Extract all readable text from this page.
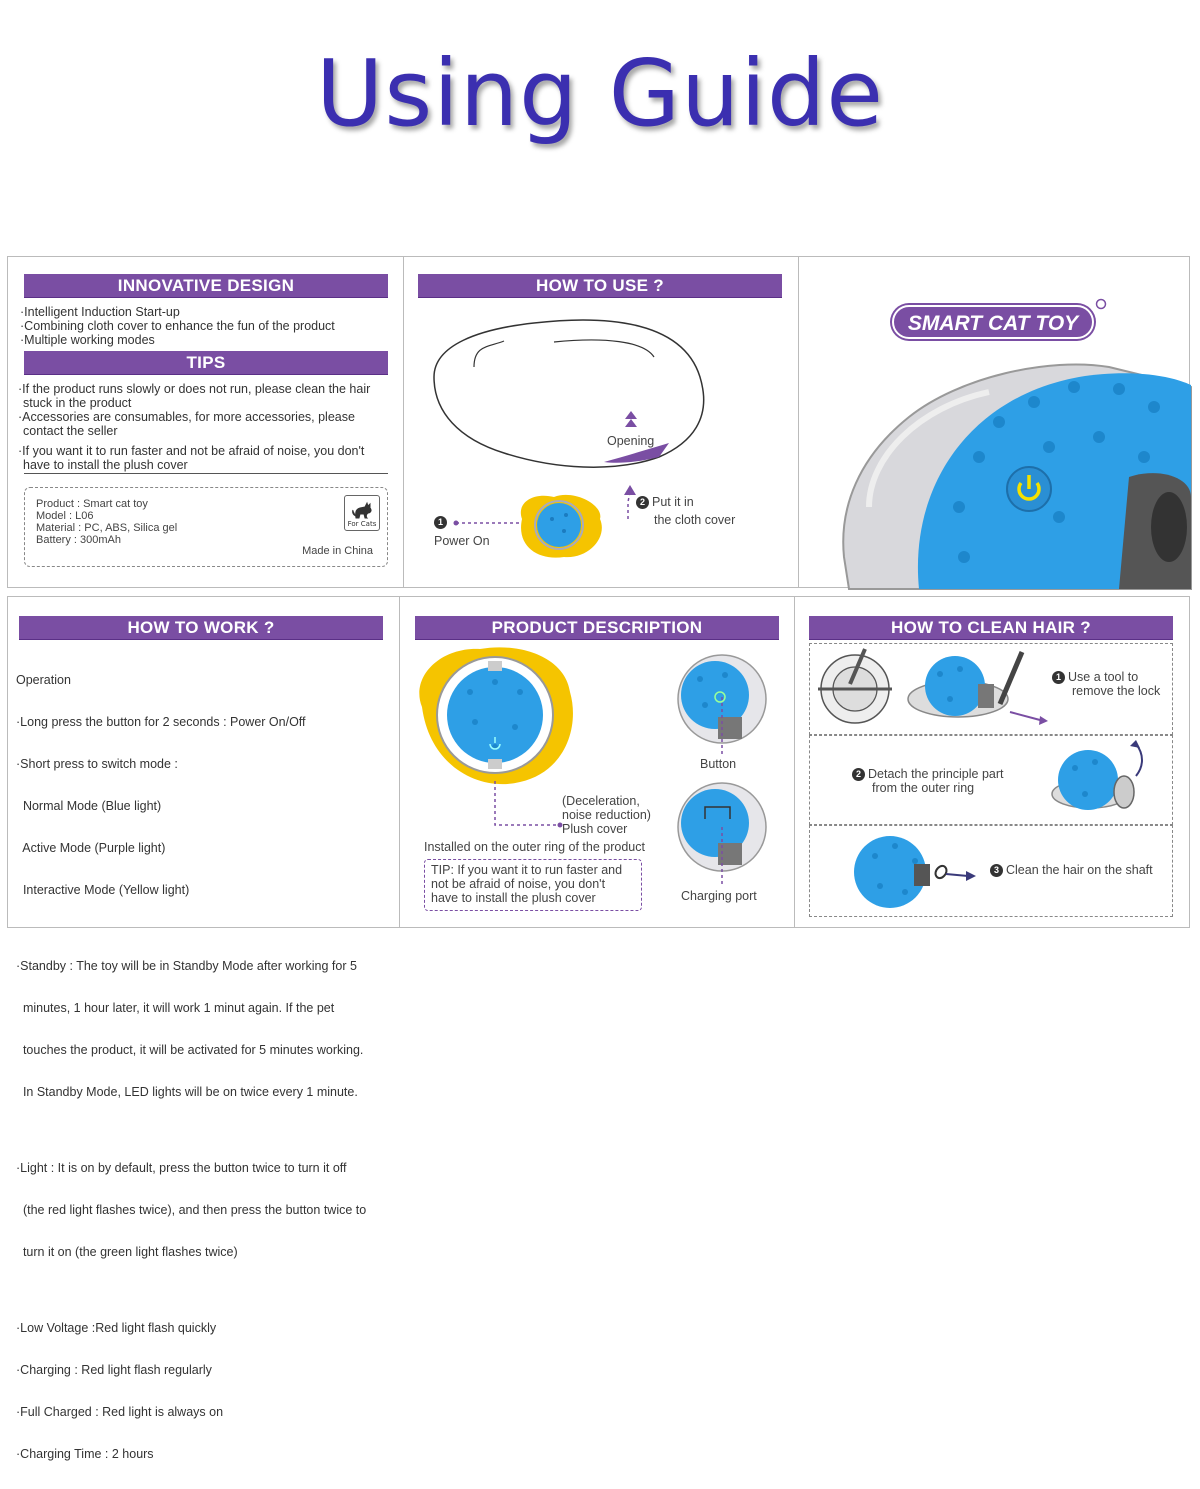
Using Guide
INNOVATIVE DESIGN

·Intelligent Induction Start-up

·Combining cloth cover to enhance the fun of the product

·Multiple working modes

TIPS

·If the product runs slowly or does not run, please clean the hair

stuck in the product

·Accessories are consumables, for more accessories, please

contact the seller

·If you want it to run faster and not be afraid of noise, you don't

have to install the plush cover

Product : Smart cat toy

Model : L06

Material : PC, ABS, Silica gel

Battery : 300mAh

For Cats
Made in China
HOW TO USE ?
Opening
1
Power On
2 Put it in
the cloth cover
SMART CAT TOY
HOW TO WORK ?

Operation

·Long press the button for 2 seconds : Power On/Off

·Short press to switch mode :

Normal Mode (Blue light)

Active Mode (Purple light)

Interactive Mode (Yellow light)

·Standby : The toy will be in Standby Mode after working for 5

minutes, 1 hour later, it will work 1 minut again. If the pet

touches the product, it will be activated for 5 minutes working.

In Standby Mode, LED lights will be on twice every 1 minute.

·Light : It is on by default, press the button twice to turn it off

(the red light flashes twice), and then press the button twice to

turn it on (the green light flashes twice)

·Low Voltage :Red light flash quickly

·Charging : Red light flash regularly

·Full Charged : Red light is always on

·Charging Time : 2 hours

PRODUCT DESCRIPTION
Button

(Deceleration,

noise reduction)

Plush cover

Installed on the outer ring of the product

TIP: If you want it to run faster and

not be afraid of noise, you don't

have to install the plush cover	Charging port
HOW TO CLEAN HAIR ?

1 Use a tool to

remove the lock

2 Detach the principle part

from the outer ring

3 Clean the hair on the shaft
